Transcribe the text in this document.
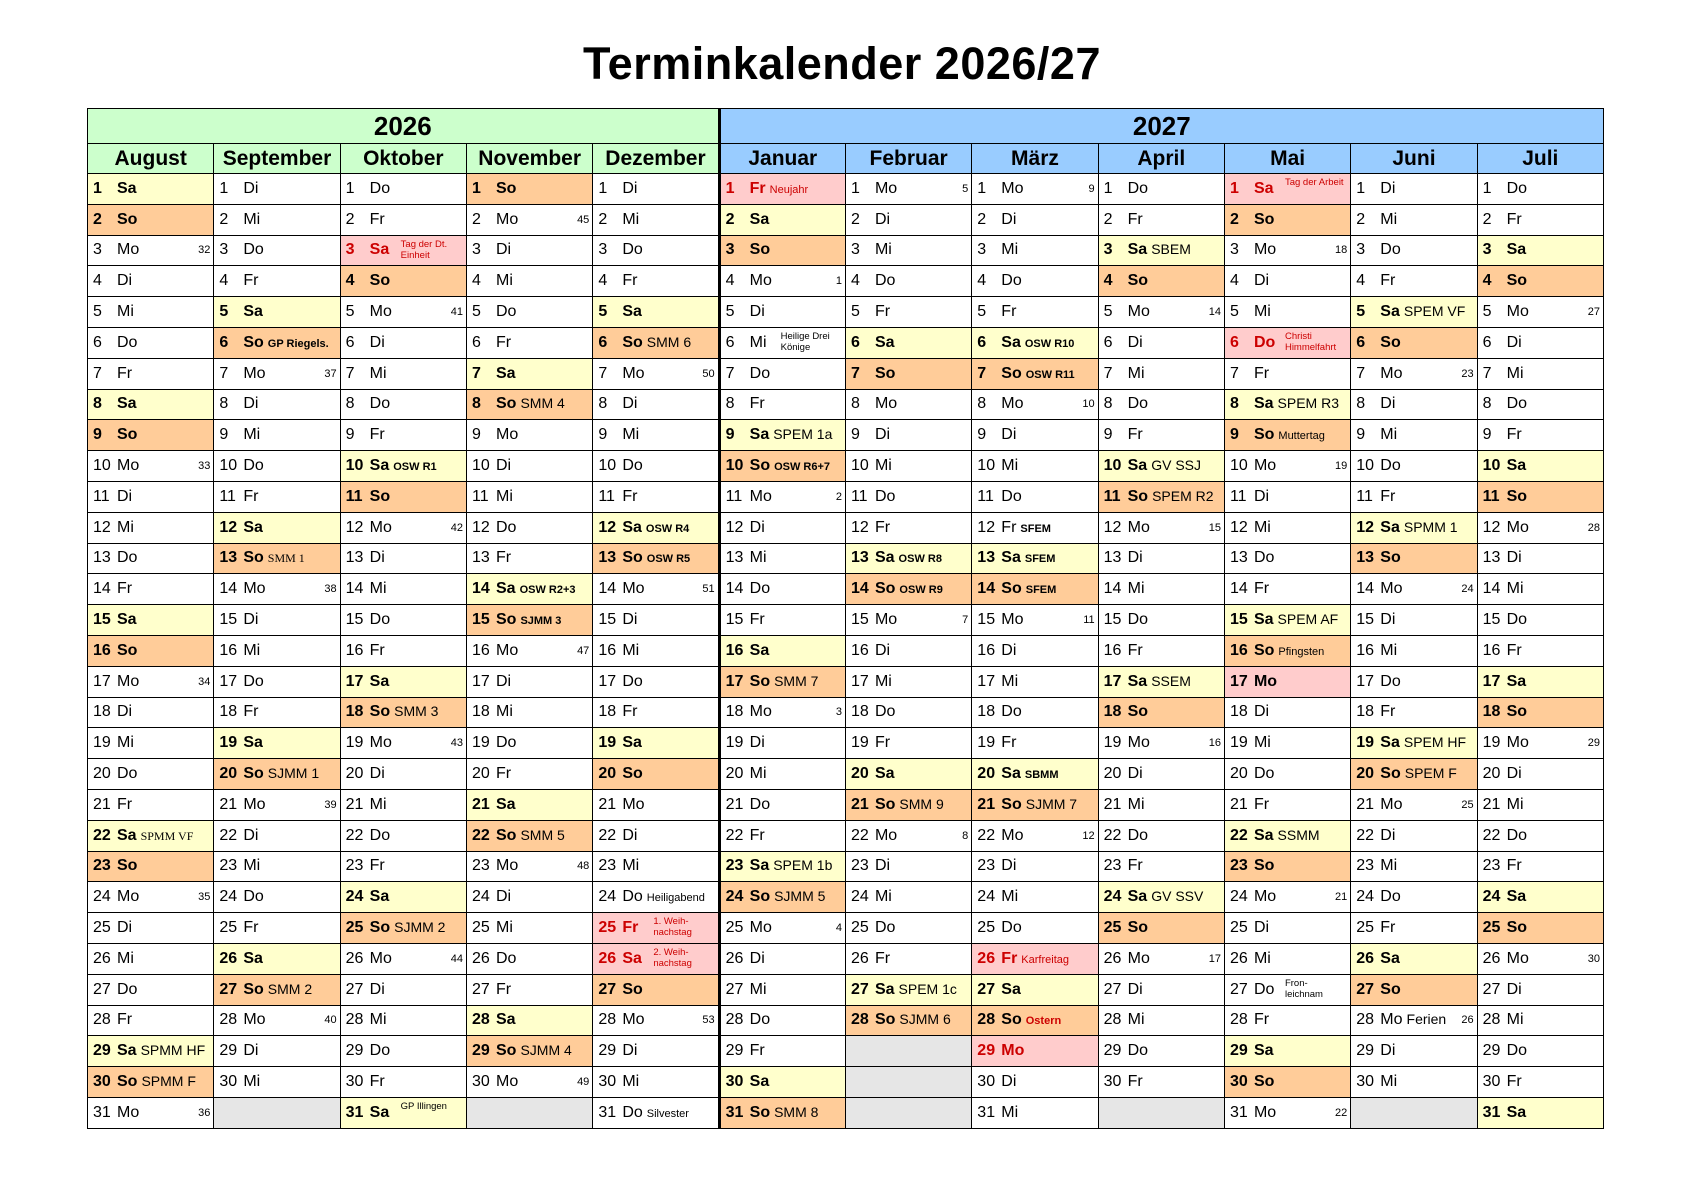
Terminkalender 2026/27
2026					2027						
August	September	Oktober	November	Dezember	Januar	Februar	März	April	Mai	Juni	Juli

1 Sa	1 Di	1 Do	1 So	1 Di	1 Fr Neujahr	1 Mo 5	1 Mo 9	1 Do	1 Sa Tag der Arbeit	1 Di	1 Do

2 So	2 Mi	2 Fr	2 Mo 45	2 Mi	2 Sa	2 Di	2 Di	2 Fr	2 So	2 Mi	2 Fr

3 Mo 32	3 Do	3 Sa Tag der Dt. Einheit	3 Di	3 Do	3 So	3 Mi	3 Mi	3 Sa SBEM	3 Mo 18	3 Do	3 Sa

4 Di	4 Fr	4 So	4 Mi	4 Fr	4 Mo 1	4 Do	4 Do	4 So	4 Di	4 Fr	4 So

5 Mi	5 Sa	5 Mo 41	5 Do	5 Sa	5 Di	5 Fr	5 Fr	5 Mo 14	5 Mi	5 Sa SPEM VF	5 Mo 27

6 Do	6 So GP Riegels.	6 Di	6 Fr	6 So SMM 6	6 Mi Heilige Drei Könige	6 Sa	6 Sa OSW R10	6 Di	6 Do Christi Himmelfahrt	6 So	6 Di

7 Fr	7 Mo 37	7 Mi	7 Sa	7 Mo 50	7 Do	7 So	7 So OSW R11	7 Mi	7 Fr	7 Mo 23	7 Mi

8 Sa	8 Di	8 Do	8 So SMM 4	8 Di	8 Fr	8 Mo	8 Mo 10	8 Do	8 Sa SPEM R3	8 Di	8 Do

9 So	9 Mi	9 Fr	9 Mo	9 Mi	9 Sa SPEM 1a	9 Di	9 Di	9 Fr	9 So Muttertag	9 Mi	9 Fr

10 Mo 33	10 Do	10 Sa OSW R1	10 Di	10 Do	10 So OSW R6+7	10 Mi	10 Mi	10 Sa GV SSJ	10 Mo 19	10 Do	10 Sa

11 Di	11 Fr	11 So	11 Mi	11 Fr	11 Mo 2	11 Do	11 Do	11 So SPEM R2	11 Di	11 Fr	11 So

12 Mi	12 Sa	12 Mo 42	12 Do	12 Sa OSW R4	12 Di	12 Fr	12 Fr SFEM	12 Mo 15	12 Mi	12 Sa SPMM 1	12 Mo 28

13 Do	13 So SMM 1	13 Di	13 Fr	13 So OSW R5	13 Mi	13 Sa OSW R8	13 Sa SFEM	13 Di	13 Do	13 So	13 Di

14 Fr	14 Mo 38	14 Mi	14 Sa OSW R2+3	14 Mo 51	14 Do	14 So OSW R9	14 So SFEM	14 Mi	14 Fr	14 Mo 24	14 Mi

15 Sa	15 Di	15 Do	15 So SJMM 3	15 Di	15 Fr	15 Mo 7	15 Mo 11	15 Do	15 Sa SPEM AF	15 Di	15 Do

16 So	16 Mi	16 Fr	16 Mo 47	16 Mi	16 Sa	16 Di	16 Di	16 Fr	16 So Pfingsten	16 Mi	16 Fr

17 Mo 34	17 Do	17 Sa	17 Di	17 Do	17 So SMM 7	17 Mi	17 Mi	17 Sa SSEM	17 Mo	17 Do	17 Sa

18 Di	18 Fr	18 So SMM 3	18 Mi	18 Fr	18 Mo 3	18 Do	18 Do	18 So	18 Di	18 Fr	18 So

19 Mi	19 Sa	19 Mo 43	19 Do	19 Sa	19 Di	19 Fr	19 Fr	19 Mo 16	19 Mi	19 Sa SPEM HF	19 Mo 29

20 Do	20 So SJMM 1	20 Di	20 Fr	20 So	20 Mi	20 Sa	20 Sa SBMM	20 Di	20 Do	20 So SPEM F	20 Di

21 Fr	21 Mo 39	21 Mi	21 Sa	21 Mo	21 Do	21 So SMM 9	21 So SJMM 7	21 Mi	21 Fr	21 Mo 25	21 Mi

22 Sa SPMM VF	22 Di	22 Do	22 So SMM 5	22 Di	22 Fr	22 Mo 8	22 Mo 12	22 Do	22 Sa SSMM	22 Di	22 Do

23 So	23 Mi	23 Fr	23 Mo 48	23 Mi	23 Sa SPEM 1b	23 Di	23 Di	23 Fr	23 So	23 Mi	23 Fr

24 Mo 35	24 Do	24 Sa	24 Di	24 Do Heiligabend	24 So SJMM 5	24 Mi	24 Mi	24 Sa GV SSV	24 Mo 21	24 Do	24 Sa

25 Di	25 Fr	25 So SJMM 2	25 Mi	25 Fr 1. Weih- nachstag	25 Mo 4	25 Do	25 Do	25 So	25 Di	25 Fr	25 So

26 Mi	26 Sa	26 Mo 44	26 Do	26 Sa 2. Weih- nachstag	26 Di	26 Fr	26 Fr Karfreitag	26 Mo 17	26 Mi	26 Sa	26 Mo 30

27 Do	27 So SMM 2	27 Di	27 Fr	27 So	27 Mi	27 Sa SPEM 1c	27 Sa	27 Di	27 Do Fron- leichnam	27 So	27 Di

28 Fr	28 Mo 40	28 Mi	28 Sa	28 Mo 53	28 Do	28 So SJMM 6	28 So Ostern	28 Mi	28 Fr	28 Mo Ferien 26	28 Mi

29 Sa SPMM HF	29 Di	29 Do	29 So SJMM 4	29 Di	29 Fr		29 Mo	29 Do	29 Sa	29 Di	29 Do

30 So SPMM F	30 Mi	30 Fr	30 Mo 49	30 Mi	30 Sa		30 Di	30 Fr	30 So	30 Mi	30 Fr

31 Mo 36		31 Sa GP Illingen		31 Do Silvester	31 So SMM 8		31 Mi		31 Mo 22		31 Sa
